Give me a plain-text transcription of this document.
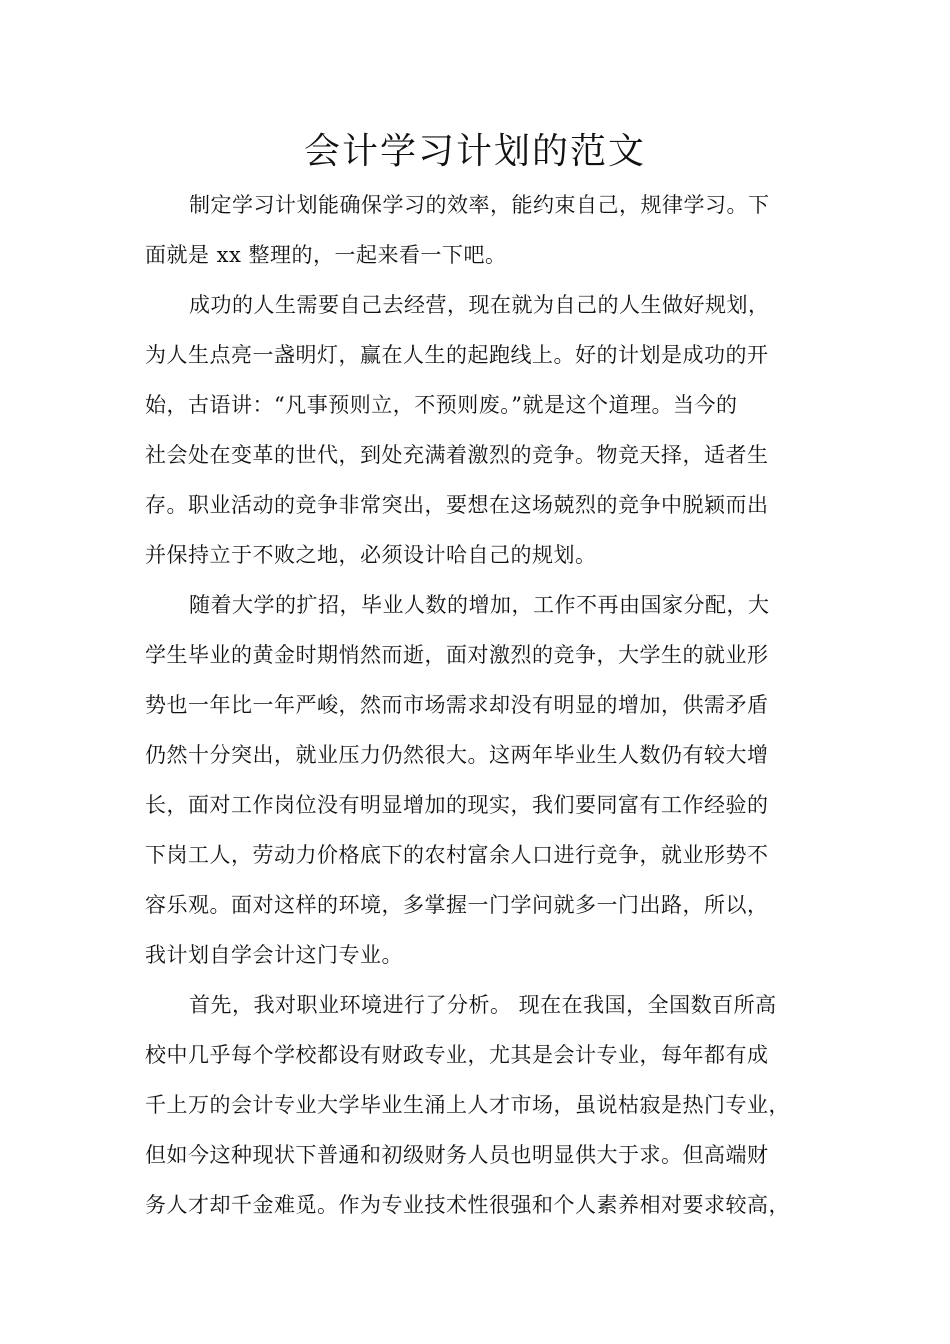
会计学习计划的范文
制定学习计划能确保学习的效率，能约束自己，规律学习。下
面就是 xx 整理的，一起来看一下吧。
成功的人生需要自己去经营，现在就为自己的人生做好规划，
为人生点亮一盏明灯，赢在人生的起跑线上。好的计划是成功的开
始，古语讲：“凡事预则立，不预则废。”就是这个道理。当今的
社会处在变革的世代，到处充满着激烈的竞争。物竞天择，适者生
存。职业活动的竞争非常突出，要想在这场兢烈的竞争中脱颖而出
并保持立于不败之地，必须设计哈自己的规划。
随着大学的扩招，毕业人数的增加，工作不再由国家分配，大
学生毕业的黄金时期悄然而逝，面对激烈的竞争，大学生的就业形
势也一年比一年严峻，然而市场需求却没有明显的增加，供需矛盾
仍然十分突出，就业压力仍然很大。这两年毕业生人数仍有较大增
长，面对工作岗位没有明显增加的现实，我们要同富有工作经验的
下岗工人，劳动力价格底下的农村富余人口进行竞争，就业形势不
容乐观。面对这样的环境，多掌握一门学问就多一门出路，所以，
我计划自学会计这门专业。
首先，我对职业环境进行了分析。 现在在我国，全国数百所高
校中几乎每个学校都设有财政专业，尤其是会计专业，每年都有成
千上万的会计专业大学毕业生涌上人才市场，虽说枯寂是热门专业，
但如今这种现状下普通和初级财务人员也明显供大于求。但高端财
务人才却千金难觅。作为专业技术性很强和个人素养相对要求较高，
